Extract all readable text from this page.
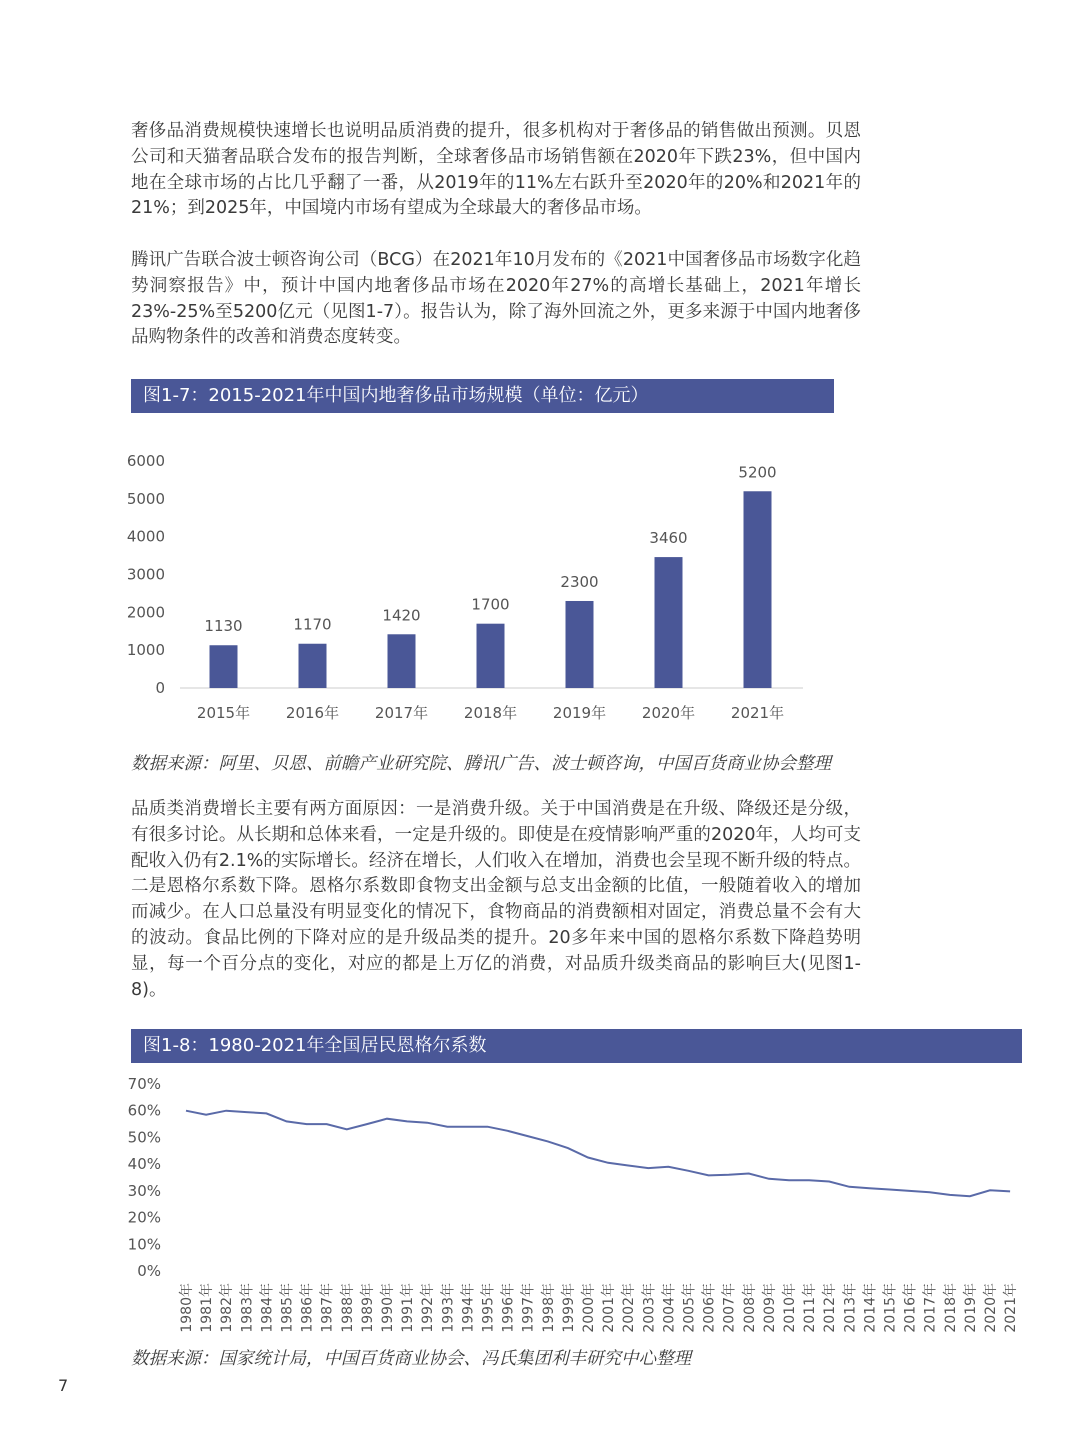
奢侈品消费规模快速增长也说明品质消费的提升，很多机构对于奢侈品的销售做出预测。贝恩公司和天猫奢品联合发布的报告判断，全球奢侈品市场销售额在2020年下跌23%，但中国内地在全球市场的占比几乎翻了一番，从2019年的11%左右跃升至2020年的20%和2021年的21%；到2025年，中国境内市场有望成为全球最大的奢侈品市场。

腾讯广告联合波士顿咨询公司（BCG）在2021年10月发布的《2021中国奢侈品市场数字化趋势洞察报告》中，预计中国内地奢侈品市场在2020年27%的高增长基础上，2021年增长23%-25%至5200亿元（见图1-7）。报告认为，除了海外回流之外，更多来源于中国内地奢侈品购物条件的改善和消费态度转变。

图1-7：2015-2021年中国内地奢侈品市场规模（单位：亿元）
0
1000
2000
3000
4000
5000
6000
1130
2015年
1170
2016年
1420
2017年
1700
2018年
2300
2019年
3460
2020年
5200
2021年
数据来源：阿里、贝恩、前瞻产业研究院、腾讯广告、波士顿咨询，中国百货商业协会整理

品质类消费增长主要有两方面原因：一是消费升级。关于中国消费是在升级、降级还是分级，有很多讨论。从长期和总体来看，一定是升级的。即使是在疫情影响严重的2020年，人均可支配收入仍有2.1%的实际增长。经济在增长，人们收入在增加，消费也会呈现不断升级的特点。二是恩格尔系数下降。恩格尔系数即食物支出金额与总支出金额的比值，一般随着收入的增加而减少。在人口总量没有明显变化的情况下，食物商品的消费额相对固定，消费总量不会有大的波动。食品比例的下降对应的是升级品类的提升。20多年来中国的恩格尔系数下降趋势明显，每一个百分点的变化，对应的都是上万亿的消费，对品质升级类商品的影响巨大(见图1-8)。

图1-8：1980-2021年全国居民恩格尔系数
0%
10%
20%
30%
40%
50%
60%
70%
1980年 1981年 1982年 1983年 1984年 1985年 1986年 1987年 1988年 1989年 1990年 1991年 1992年 1993年 1994年 1995年 1996年 1997年 1998年 1999年 2000年 2001年 2002年 2003年 2004年 2005年 2006年 2007年 2008年 2009年 2010年 2011年 2012年 2013年 2014年 2015年 2016年 2017年 2018年 2019年 2020年 2021年
数据来源：国家统计局，中国百货商业协会、冯氏集团利丰研究中心整理
7
